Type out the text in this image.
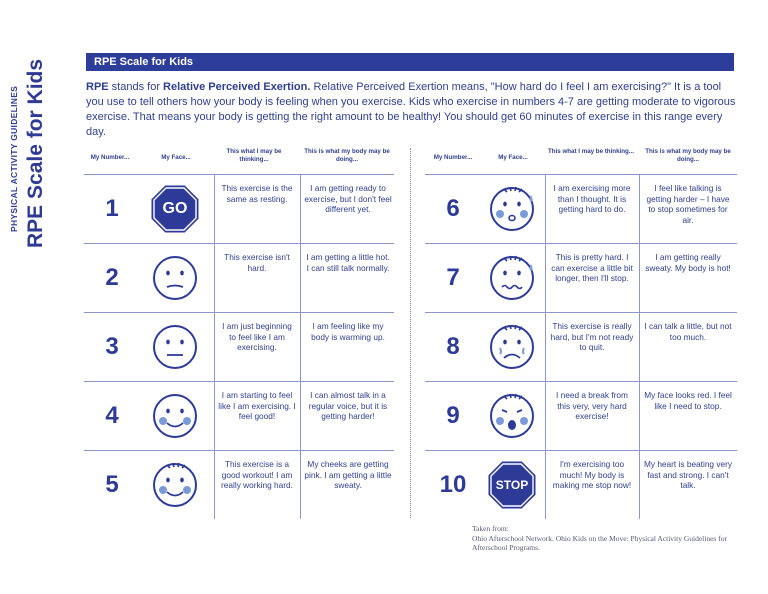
PHYSICAL ACTIVITY GUIDELINES RPE Scale for Kids	RPE Scale for Kids
RPE stands for Relative Perceived Exertion. Relative Perceived Exertion means, "How hard do I feel I am exercising?" It is a tool you use to tell others how your body is feeling when you exercise. Kids who exercise in numbers 4-7 are getting moderate to vigorous exercise. That means your body is getting the right amount to be healthy! You should get 60 minutes of exercise in this range every day.
My Number...	My Face...
This what I may be thinking...
This is what my body may be doing...
1	GO
This exercise is the same as resting.
I am getting ready to exercise, but I don't feel different yet.
2
This exercise isn't hard.
I am getting a little hot. I can still talk normally.
3
I am just beginning to feel like I am exercising.
I am feeling like my body is warming up.
4
I am starting to feel like I am exercising. I feel good!
I can almost talk in a regular voice, but it is getting harder!
5
This exercise is a good workout! I am really working hard.
My cheeks are getting pink. I am getting a little sweaty.
My Number...	My Face...
This what I may be thinking...	This is what my body may be doing...
6
I am exercising more than I thought. It is getting hard to do.
I feel like talking is getting harder – I have to stop sometimes for air.
7
This is pretty hard. I can exercise a little bit longer, then I'll stop.
I am getting really sweaty. My body is hot!
8
This exercise is really hard, but I'm not ready to quit.
I can talk a little, but not too much.
9
I need a break from this very, very hard exercise!
My face looks red. I feel like I need to stop.
10	STOP
I'm exercising too much! My body is making me stop now!
My heart is beating very fast and strong. I can't talk.
Taken from:
Ohio Afterschool Network. Ohio Kids on the Move: Physical Activity Guidelines for Afterschool Programs.
